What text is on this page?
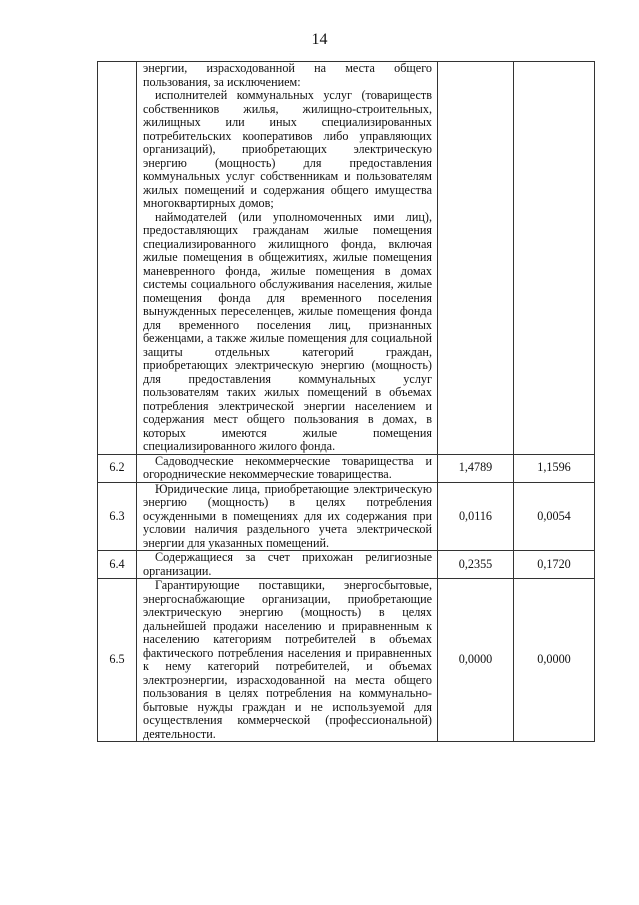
14

	энергии, израсходованной на места общего пользования, за исключением:

исполнителей коммунальных услуг (товариществ собственников жилья, жилищно-строительных, жилищных или иных специализированных потребительских кооперативов либо управляющих организаций), приобретающих электрическую энергию (мощность) для предоставления коммунальных услуг собственникам и пользователям жилых помещений и содержания общего имущества многоквартирных домов;

наймодателей (или уполномоченных ими лиц), предоставляющих гражданам жилые помещения специализированного жилищного фонда, включая жилые помещения в общежитиях, жилые помещения маневренного фонда, жилые помещения в домах системы социального обслуживания населения, жилые помещения фонда для временного поселения вынужденных переселенцев, жилые помещения фонда для временного поселения лиц, признанных беженцами, а также жилые помещения для социальной защиты отдельных категорий граждан, приобретающих электрическую энергию (мощность) для предоставления коммунальных услуг пользователям таких жилых помещений в объемах потребления электрической энергии населением и содержания мест общего пользования в домах, в которых имеются жилые помещения специализированного жилого фонда.		

6.2	Садоводческие некоммерческие товарищества и огороднические некоммерческие товарищества.	1,4789	1,1596
6.3	Юридические лица, приобретающие электрическую энергию (мощность) в целях потребления осужденными в помещениях для их содержания при условии наличия раздельного учета электрической энергии для указанных помещений.	0,0116	0,0054
6.4	Содержащиеся за счет прихожан религиозные организации.	0,2355	0,1720
6.5	Гарантирующие поставщики, энергосбытовые, энергоснабжающие организации, приобретающие электрическую энергию (мощность) в целях дальнейшей продажи населению и приравненным к населению категориям потребителей в объемах фактического потребления населения и приравненных к нему категорий потребителей, и объемах электроэнергии, израсходованной на места общего пользования в целях потребления на коммунально-бытовые нужды граждан и не используемой для осуществления коммерческой (профессиональной) деятельности.	0,0000	0,0000
